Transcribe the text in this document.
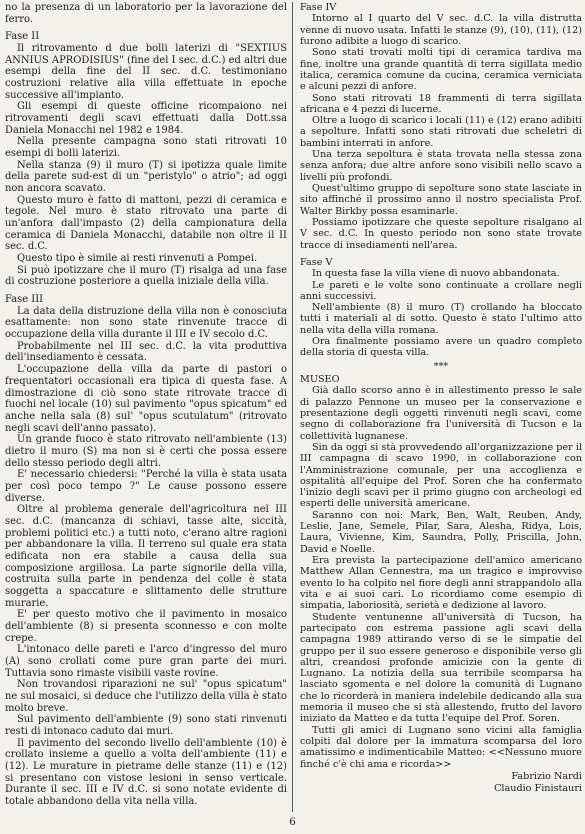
no la presenza di un laboratorio per la lavorazione del ferro.

Fase II

Il ritrovamento d due bolli laterizi di "SEXTIUS ANNIUS APRODISIUS" (fine del I sec. d.C.) ed altri due esempi della fine del II sec. d.C. testimoniano costruzioni relative alla villa effettuate in epoche successive all'impianto.

Gli esempi di queste officine ricompaiono nei ritrovamenti degli scavi effettuati dalla Dott.ssa Daniela Monacchi nel 1982 e 1984.

Nella presente campagna sono stati ritrovati 10 esempi di bolli laterizi.

Nella stanza (9) il muro (T) si ipotizza quale limite della parete sud-est di un "peristylo" o atrio"; ad oggi non ancora scavato.

Questo muro è fatto di mattoni, pezzi di ceramica e tegole. Nel muro è stato ritrovato una parte di un'anfora dall'impasto (2) della campionatura della ceramica di Daniela Monacchi, databile non oltre il II sec. d.C.

Questo tipo è simile ai resti rinvenuti a Pompei.

Si può ipotizzare che il muro (T) risalga ad una fase di costruzione posteriore a quella iniziale della villa.

Fase III

La data della distruzione della villa non è conosciuta esattamente: non sono state rinvenute tracce di occupazione della villa durante il III e IV secolo d.C.

Probabilmente nel III sec. d.C. la vita produttiva dell'insediamento è cessata.

L'occupazione della villa da parte di pastori o frequentatori occasionali era tipica di questa fase. A dimostrazione di ciò sono state ritrovate tracce di fuochi nel locale (10) sul pavimento "opus spicatum" ed anche nella sala (8) sul' "opus scutulatum" (ritrovato negli scavi dell'anno passato).

Un grande fuoco è stato ritrovato nell'ambiente (13) dietro il muro (S) ma non si è certi che possa essere dello stesso periodo degli altri.

E' necessario chiedersi: "Perché la villa è stata usata per così poco tempo ?" Le cause possono essere diverse.

Oltre al problema generale dell'agricoltura nel III sec. d.C. (mancanza di schiavi, tasse alte, siccità, problemi politici etc.) a tutti noto, c'erano altre ragioni per abbandonare la villa. Il terreno sul quale era stata edificata non era stabile a causa della sua composizione argillosa. La parte signorile della villa, costruita sulla parte in pendenza del colle è stata soggetta a spaccature e slittamento delle strutture murarie.

E' per questo motivo che il pavimento in mosaico dell'ambiente (8) si presenta sconnesso e con molte crepe.

L'intonaco delle pareti e l'arco d'ingresso del muro (A) sono crollati come pure gran parte dei muri. Tuttavia sono rimaste visibili vaste rovine.

Non trovandosi riparazioni ne sul' "opus spicatum" ne sul mosaici, si deduce che l'utilizzo della villa è stato molto breve.

Sul pavimento dell'ambiente (9) sono stati rinvenuti resti di intonaco caduto dai muri.

Il pavimento del secondo livello dell'ambiente (10) è crollato insieme a quello a volta dell'ambiente (11) e (12). Le murature in pietrame delle stanze (11) e (12) si presentano con vistose lesioni in senso verticale. Durante il sec. III e IV d.C. si sono notate evidente di totale abbandono della vita nella villa.

Fase IV

Intorno al I quarto del V sec. d.C. la villa distrutta venne di nuovo usata. Infatti le stanze (9), (10), (11), (12) furono adibite a luogo di scarico.

Sono stati trovati molti tipi di ceramica tardiva ma fine, inoltre una grande quantità di terra sigillata medio italica, ceramica comune da cucina, ceramica verniciata e alcuni pezzi di anfore.

Sono stati ritrovati 18 frammenti di terra sigillata africana e 4 pezzi di lucerne.

Oltre a luogo di scarico i locali (11) e (12) erano adibiti a sepolture. Infatti sono stati ritrovati due scheletri di bambini interrati in anfore.

Una terza sepoltura è stata trovata nella stessa zona senza anfora; due altre anfore sono visibili nello scavo a livelli più profondi.

Quest'ultimo gruppo di sepolture sono state lasciate in sito affinché il prossimo anno il nostro specialista Prof. Walter Birkby possa esaminarle.

Possiamo ipotizzare che queste sepolture risalgano al V sec. d.C. In questo periodo non sono state trovate tracce di insediamenti nell'area.

Fase V

In questa fase la villa viene di nuovo abbandonata.

Le pareti e le volte sono continuate a crollare negli anni successivi.

Nell'ambiente (8) il muro (T) crollando ha bloccato tutti i materiali al di sotto. Questo è stato l'ultimo atto nella vita della villa romana.

Ora finalmente possiamo avere un quadro completo della storia di questa villa.

***

MUSEO

Già dallo scorso anno è in allestimento presso le sale di palazzo Pennone un museo per la conservazione e presentazione degli oggetti rinvenuti negli scavi, come segno di collaborazione fra l'università di Tucson e la collettività lugnanese.

Sin da oggi si stà provvedendo all'organizzazione per il III campagna di scavo 1990, in collaborazione con l'Amministrazione comunale, per una accoglienza e ospitalità all'equipe del Prof. Soren che ha confermato l'inizio degli scavi per il primo giugno con archeologi ed esperti delle università americane.

Saranno con noi: Mark, Ben, Walt, Reuben, Andy, Leslie, Jane, Semele, Pilar, Sara, Alesha, Ridya, Lois, Laura, Vivienne, Kim, Saundra, Polly, Priscilla, John, David e Noelle.

Era prevista la partecipazione dell'amico americano Matthew Allan Cennestra, ma un tragico e improvviso evento lo ha colpito nel fiore degli anni strappandolo alla vita e ai suoi cari. Lo ricordiamo come esempio di simpatia, laboriosità, serietà e dedizione al lavoro.

Studente ventunenne all'università di Tucson, ha partecipato con estrema passione agli scavi della campagna 1989 attirando verso di se le simpatie del gruppo per il suo essere generoso e disponibile verso gli altri, creandosi profonde amicizie con la gente di Lugnano. La notizia della sua terribile scomparsa ha lasciato sgomenta e nel dolore la comunità di Lugnano che lo ricorderà in maniera indelebile dedicando alla sua memoria il museo che si stà allestendo, frutto del lavoro iniziato da Matteo e da tutta l'equipe del Prof. Soren.

Tutti gli amici di Lugnano sono vicini alla famiglia colpiti dal dolore per la immatura scomparsa del loro amatissimo e indimenticabile Matteo: <<Nessuno muore finché c'è chi ama e ricorda>>

Fabrizio Nardi

Claudio Finistauri

6
